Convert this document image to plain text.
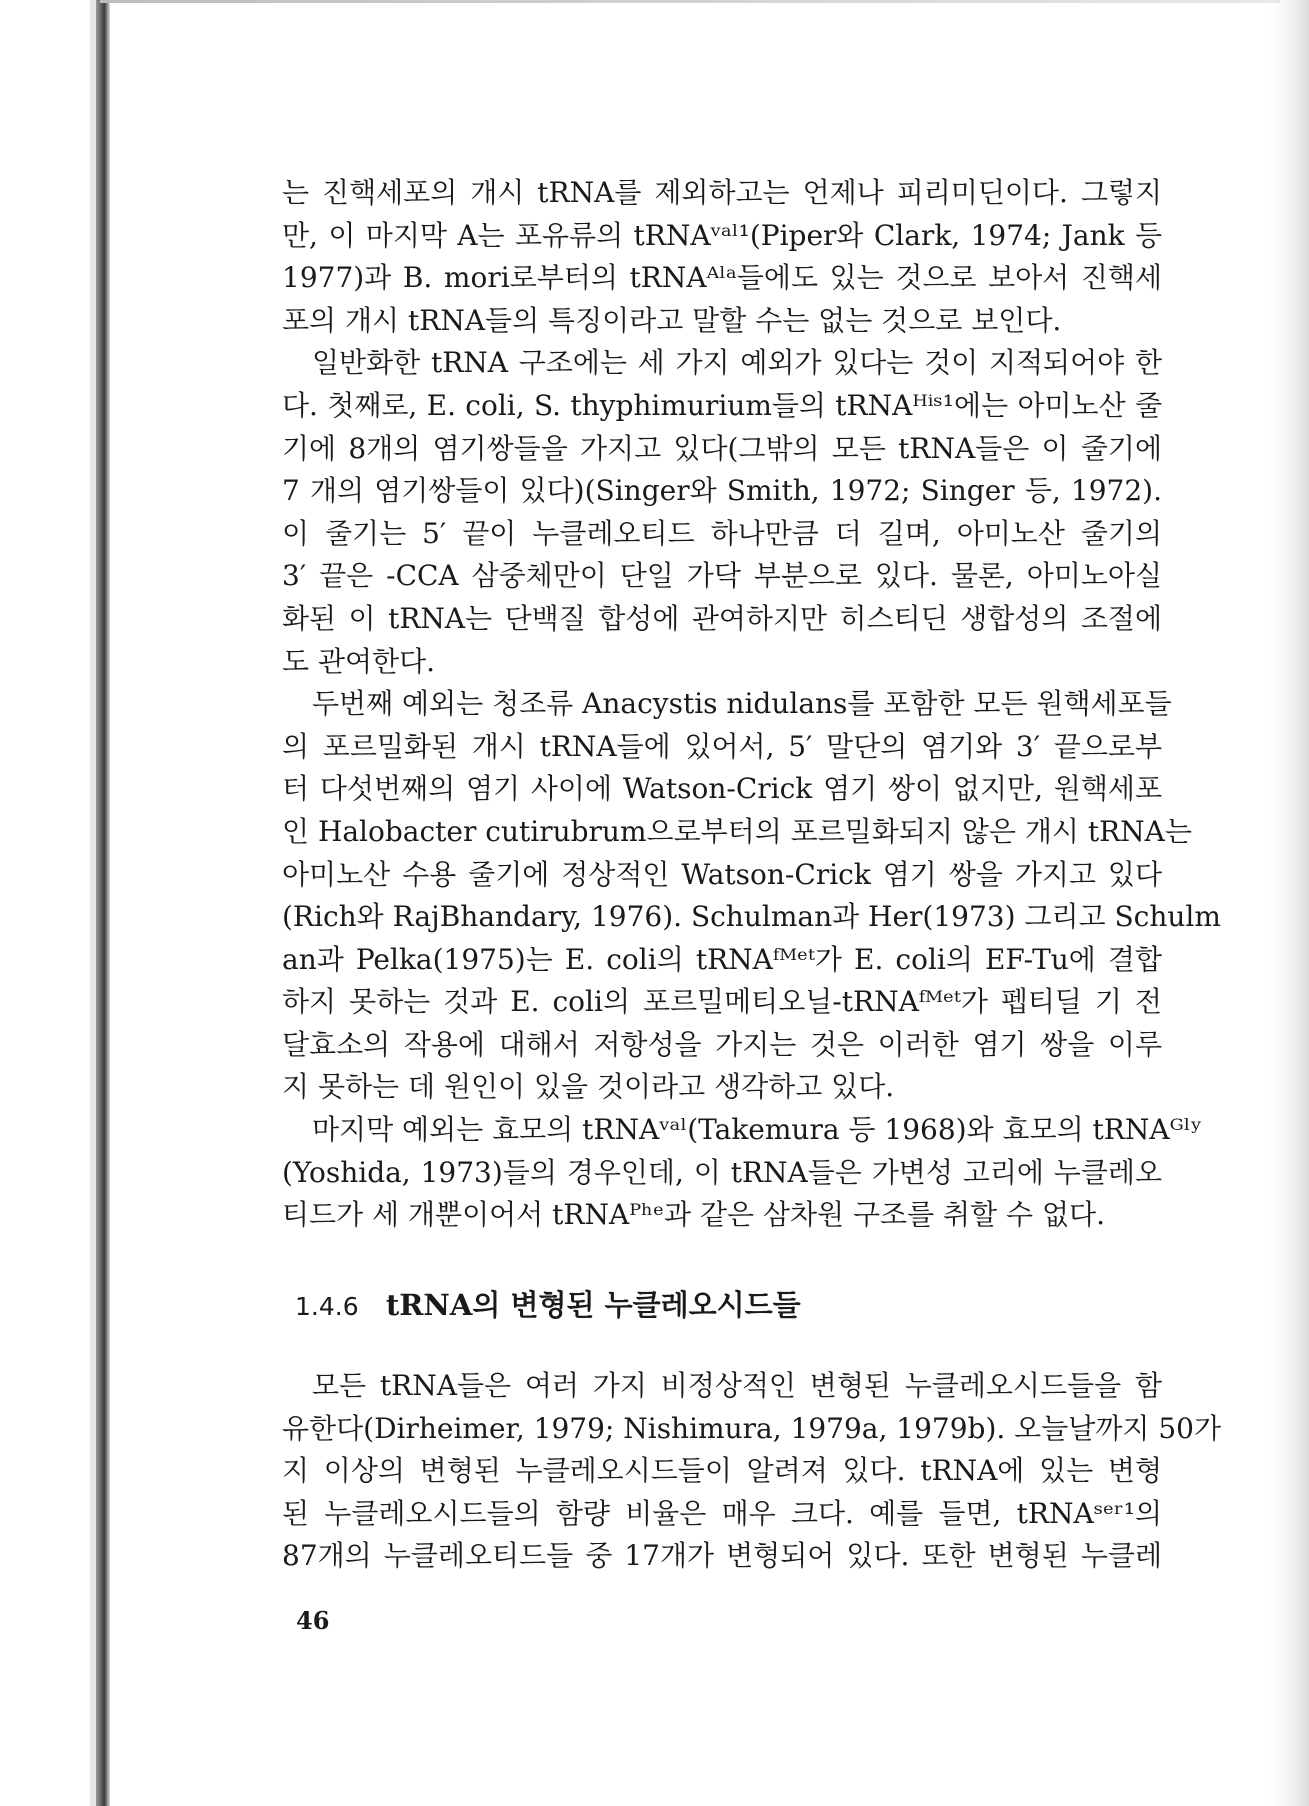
는 진핵세포의 개시 tRNA를 제외하고는 언제나 피리미딘이다. 그렇지
만, 이 마지막 A는 포유류의 tRNAᵛᵃˡ¹(Piper와 Clark, 1974; Jank 등
1977)과 B. mori로부터의 tRNAᴬˡᵃ들에도 있는 것으로 보아서 진핵세
포의 개시 tRNA들의 특징이라고 말할 수는 없는 것으로 보인다.
일반화한 tRNA 구조에는 세 가지 예외가 있다는 것이 지적되어야 한
다. 첫째로, E. coli, S. thyphimurium들의 tRNAᴴⁱˢ¹에는 아미노산 줄
기에 8개의 염기쌍들을 가지고 있다(그밖의 모든 tRNA들은 이 줄기에
7 개의 염기쌍들이 있다)(Singer와 Smith, 1972; Singer 등, 1972).
이 줄기는 5′ 끝이 누클레오티드 하나만큼 더 길며, 아미노산 줄기의
3′ 끝은 -CCA 삼중체만이 단일 가닥 부분으로 있다. 물론, 아미노아실
화된 이 tRNA는 단백질 합성에 관여하지만 히스티딘 생합성의 조절에
도 관여한다.
두번째 예외는 청조류 Anacystis nidulans를 포함한 모든 원핵세포들
의 포르밀화된 개시 tRNA들에 있어서, 5′ 말단의 염기와 3′ 끝으로부
터 다섯번째의 염기 사이에 Watson-Crick 염기 쌍이 없지만, 원핵세포
인 Halobacter cutirubrum으로부터의 포르밀화되지 않은 개시 tRNA는
아미노산 수용 줄기에 정상적인 Watson-Crick 염기 쌍을 가지고 있다
(Rich와 RajBhandary, 1976). Schulman과 Her(1973) 그리고 Schulm
an과 Pelka(1975)는 E. coli의 tRNAᶠᴹᵉᵗ가 E. coli의 EF-Tu에 결합
하지 못하는 것과 E. coli의 포르밀메티오닐-tRNAᶠᴹᵉᵗ가 펩티딜 기 전
달효소의 작용에 대해서 저항성을 가지는 것은 이러한 염기 쌍을 이루
지 못하는 데 원인이 있을 것이라고 생각하고 있다.
마지막 예외는 효모의 tRNAᵛᵃˡ(Takemura 등 1968)와 효모의 tRNAᴳˡʸ
(Yoshida, 1973)들의 경우인데, 이 tRNA들은 가변성 고리에 누클레오
티드가 세 개뿐이어서 tRNAᴾʰᵉ과 같은 삼차원 구조를 취할 수 없다.
1.4.6 tRNA의 변형된 누클레오시드들
모든 tRNA들은 여러 가지 비정상적인 변형된 누클레오시드들을 함
유한다(Dirheimer, 1979; Nishimura, 1979a, 1979b). 오늘날까지 50가
지 이상의 변형된 누클레오시드들이 알려져 있다. tRNA에 있는 변형
된 누클레오시드들의 함량 비율은 매우 크다. 예를 들면, tRNAˢᵉʳ¹의
87개의 누클레오티드들 중 17개가 변형되어 있다. 또한 변형된 누클레
46
